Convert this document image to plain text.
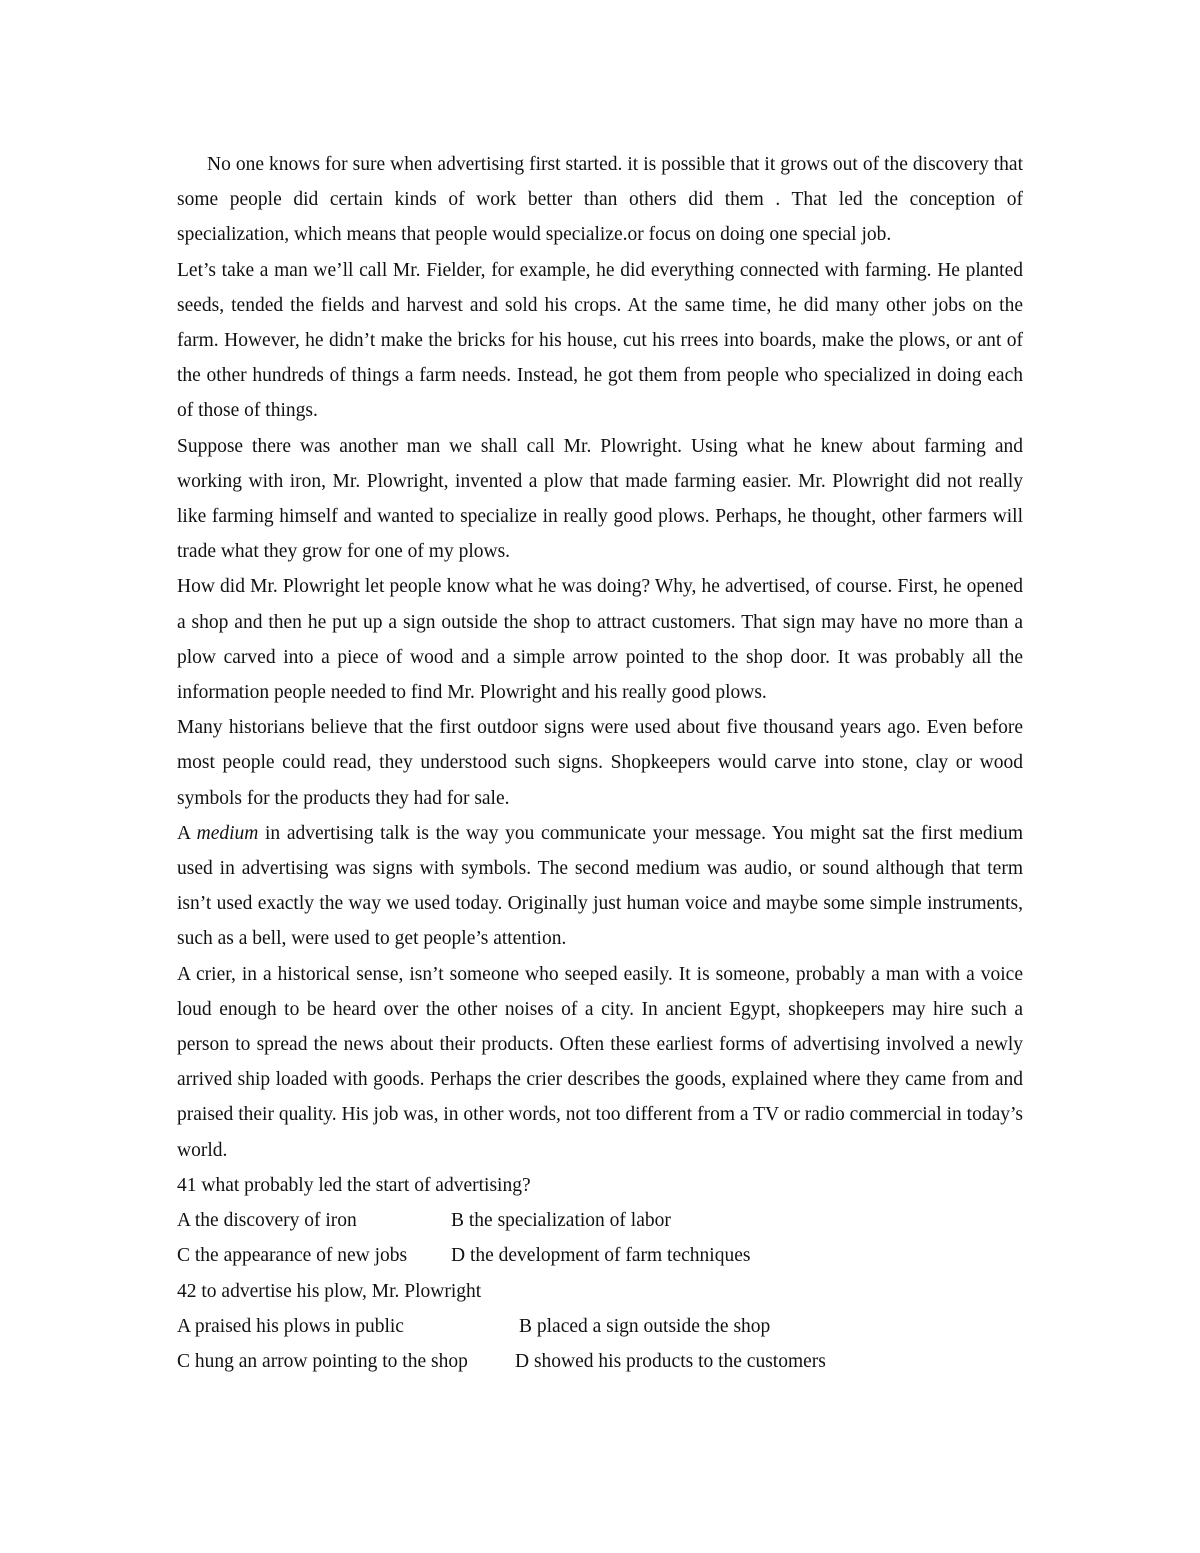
No one knows for sure when advertising first started. it is possible that it grows out of the discovery that some people did certain kinds of work better than others did them . That led the conception of specialization, which means that people would specialize.or focus on doing one special job.

Let’s take a man we’ll call Mr. Fielder, for example, he did everything connected with farming. He planted seeds, tended the fields and harvest and sold his crops. At the same time, he did many other jobs on the farm. However, he didn’t make the bricks for his house, cut his rrees into boards, make the plows, or ant of the other hundreds of things a farm needs. Instead, he got them from people who specialized in doing each of those of things.

Suppose there was another man we shall call Mr. Plowright. Using what he knew about farming and working with iron, Mr. Plowright, invented a plow that made farming easier. Mr. Plowright did not really like farming himself and wanted to specialize in really good plows. Perhaps, he thought, other farmers will trade what they grow for one of my plows.

How did Mr. Plowright let people know what he was doing? Why, he advertised, of course. First, he opened a shop and then he put up a sign outside the shop to attract customers. That sign may have no more than a plow carved into a piece of wood and a simple arrow pointed to the shop door. It was probably all the information people needed to find Mr. Plowright and his really good plows.

Many historians believe that the first outdoor signs were used about five thousand years ago. Even before most people could read, they understood such signs. Shopkeepers would carve into stone, clay or wood symbols for the products they had for sale.

A medium in advertising talk is the way you communicate your message. You might sat the first medium used in advertising was signs with symbols. The second medium was audio, or sound although that term isn’t used exactly the way we used today. Originally just human voice and maybe some simple instruments, such as a bell, were used to get people’s attention.

A crier, in a historical sense, isn’t someone who seeped easily. It is someone, probably a man with a voice loud enough to be heard over the other noises of a city. In ancient Egypt, shopkeepers may hire such a person to spread the news about their products. Often these earliest forms of advertising involved a newly arrived ship loaded with goods. Perhaps the crier describes the goods, explained where they came from and praised their quality. His job was, in other words, not too different from a TV or radio commercial in today’s world.

41 what probably led the start of advertising?

A the discovery of iron	B the specialization of labor
C the appearance of new jobs	D the development of farm techniques

42 to advertise his plow, Mr. Plowright

A praised his plows in public	B placed a sign outside the shop
C hung an arrow pointing to the shop	D showed his products to the customers
